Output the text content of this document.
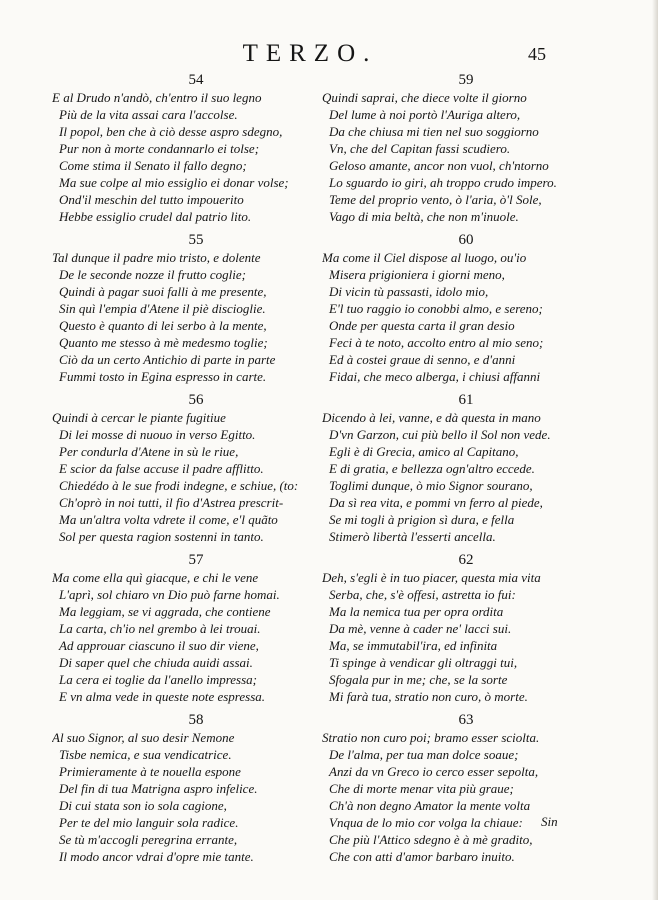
TERZO.	45
54
E al Drudo n'andò, ch'entro il suo legno
Più de la vita assai cara l'accolse.
Il popol, ben che à ciò desse aspro sdegno,
Pur non à morte condannarlo ei tolse;
Come stima il Senato il fallo degno;
Ma sue colpe al mio essiglio ei donar volse;
Ond'il meschin del tutto impouerito
Hebbe essiglio crudel dal patrio lito.
55
Tal dunque il padre mio tristo, e dolente
De le seconde nozze il frutto coglie;
Quindi à pagar suoi falli à me presente,
Sin quì l'empia d'Atene il piè discioglie.
Questo è quanto di lei serbo à la mente,
Quanto me stesso à mè medesmo toglie;
Ciò da un certo Antichio di parte in parte
Fummi tosto in Egina espresso in carte.
56
Quindi à cercar le piante fugitiue
Di lei mosse di nuouo in verso Egitto.
Per condurla d'Atene in sù le riue,
E scior da false accuse il padre afflitto.
Chiedédo à le sue frodi indegne, e schiue, (to:
Ch'oprò in noi tutti, il fio d'Astrea prescrit-
Ma un'altra volta vdrete il come, e'l quãto
Sol per questa ragion sostenni in tanto.
57
Ma come ella quì giacque, e chi le vene
L'aprì, sol chiaro vn Dio può farne homai.
Ma leggiam, se vi aggrada, che contiene
La carta, ch'io nel grembo à lei trouai.
Ad approuar ciascuno il suo dir viene,
Di saper quel che chiuda auidi assai.
La cera ei toglie da l'anello impressa;
E vn alma vede in queste note espressa.
58
Al suo Signor, al suo desir Nemone
Tisbe nemica, e sua vendicatrice.
Primieramente à te nouella espone
Del fin di tua Matrigna aspro infelice.
Di cui stata son io sola cagione,
Per te del mio languir sola radice.
Se tù m'accogli peregrina errante,
Il modo ancor vdrai d'opre mie tante.
59
Quindi saprai, che diece volte il giorno
Del lume à noi portò l'Auriga altero,
Da che chiusa mi tien nel suo soggiorno
Vn, che del Capitan fassi scudiero.
Geloso amante, ancor non vuol, ch'ntorno
Lo sguardo io giri, ah troppo crudo impero.
Teme del proprio vento, ò l'aria, ò'l Sole,
Vago di mia beltà, che non m'inuole.
60
Ma come il Ciel dispose al luogo, ou'io
Misera prigioniera i giorni meno,
Di vicin tù passasti, idolo mio,
E'l tuo raggio io conobbi almo, e sereno;
Onde per questa carta il gran desio
Feci à te noto, accolto entro al mio seno;
Ed à costei graue di senno, e d'anni
Fidai, che meco alberga, i chiusi affanni
61
Dicendo à lei, vanne, e dà questa in mano
D'vn Garzon, cui più bello il Sol non vede.
Egli è di Grecia, amico al Capitano,
E di gratia, e bellezza ogn'altro eccede.
Toglimi dunque, ò mio Signor sourano,
Da sì rea vita, e pommi vn ferro al piede,
Se mi togli à prigion sì dura, e fella
Stimerò libertà l'esserti ancella.
62
Deh, s'egli è in tuo piacer, questa mia vita
Serba, che, s'è offesi, astretta io fui:
Ma la nemica tua per opra ordita
Da mè, venne à cader ne' lacci sui.
Ma, se immutabil'ira, ed infinita
Ti spinge à vendicar gli oltraggi tui,
Sfogala pur in me; che, se la sorte
Mi farà tua, stratio non curo, ò morte.
63
Stratio non curo poi; bramo esser sciolta.
De l'alma, per tua man dolce soaue;
Anzi da vn Greco io cerco esser sepolta,
Che di morte menar vita più graue;
Ch'à non degno Amator la mente volta
Vnqua de lo mio cor volga la chiaue:
Che più l'Attico sdegno è à mè gradito,
Che con atti d'amor barbaro inuito.
Sin
